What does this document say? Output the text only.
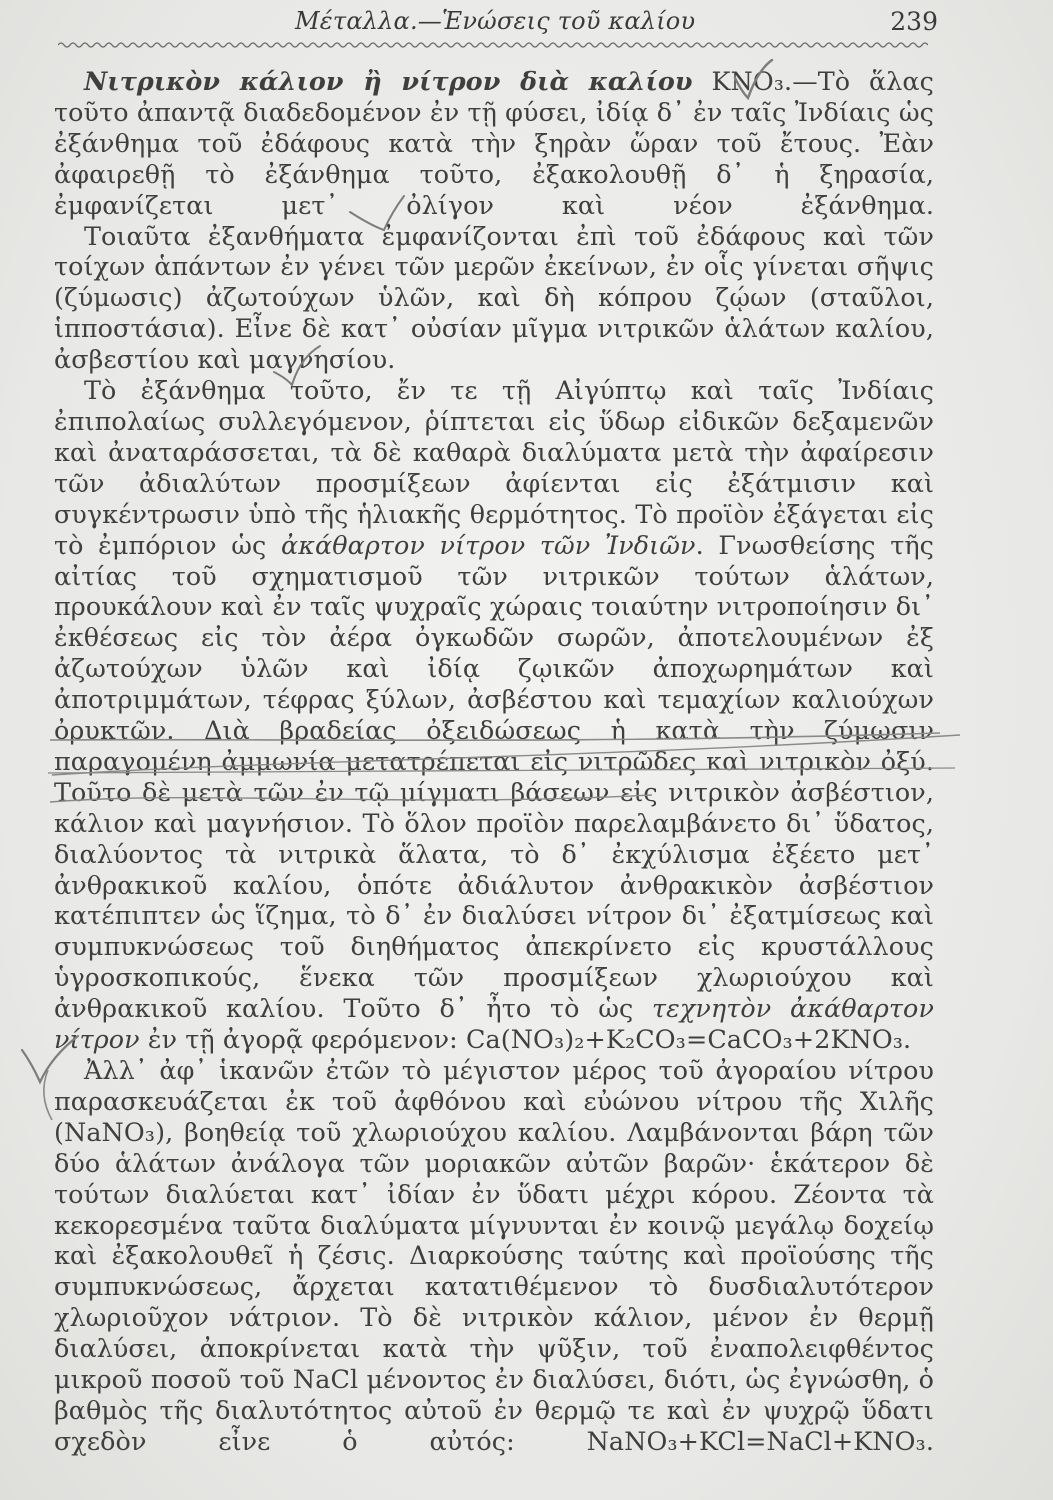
Μέταλλα.—Ἑνώσεις τοῦ καλίου	239

Νιτρικὸν κάλιον ἢ νίτρον διὰ καλίου KNO₃.—Τὸ ἅλας τοῦτο ἀπαντᾷ διαδεδομένον ἐν τῇ φύσει, ἰδίᾳ δ᾽ ἐν ταῖς Ἰνδίαις ὡς ἐξάνθημα τοῦ ἐδάφους κατὰ τὴν ξηρὰν ὥραν τοῦ ἔτους. Ἐὰν ἀφαιρεθῇ τὸ ἐξάνθημα τοῦτο, ἐξακολουθῇ δ᾽ ἡ ξηρασία, ἐμφανίζεται μετ᾽ ὀλίγον καὶ νέον ἐξάνθημα.

Τοιαῦτα ἐξανθήματα ἐμφανίζονται ἐπὶ τοῦ ἐδάφους καὶ τῶν τοίχων ἁπάντων ἐν γένει τῶν μερῶν ἐκείνων, ἐν οἷς γίνεται σῆψις (ζύμωσις) ἀζωτούχων ὑλῶν, καὶ δὴ κόπρου ζῴων (σταῦλοι, ἱπποστάσια). Εἶνε δὲ κατ᾽ οὐσίαν μῖγμα νιτρικῶν ἁλάτων καλίου, ἀσβεστίου καὶ μαγνησίου.

Τὸ ἐξάνθημα τοῦτο, ἔν τε τῇ Αἰγύπτῳ καὶ ταῖς Ἰνδίαις ἐπιπολαίως συλλεγόμενον, ῥίπτεται εἰς ὕδωρ εἰδικῶν δεξαμενῶν καὶ ἀναταράσσεται, τὰ δὲ καθαρὰ διαλύματα μετὰ τὴν ἀφαίρεσιν τῶν ἀδιαλύτων προσμίξεων ἀφίενται εἰς ἐξάτμισιν καὶ συγκέντρωσιν ὑπὸ τῆς ἡλιακῆς θερμότητος. Τὸ προϊὸν ἐξάγεται εἰς τὸ ἐμπόριον ὡς ἀκάθαρτον νίτρον τῶν Ἰνδιῶν. Γνωσθείσης τῆς αἰτίας τοῦ σχηματισμοῦ τῶν νιτρικῶν τούτων ἁλάτων, προυκάλουν καὶ ἐν ταῖς ψυχραῖς χώραις τοιαύτην νιτροποίησιν δι᾽ ἐκθέσεως εἰς τὸν ἀέρα ὀγκωδῶν σωρῶν, ἀποτελουμένων ἐξ ἀζωτούχων ὑλῶν καὶ ἰδίᾳ ζῳικῶν ἀποχωρημάτων καὶ ἀποτριμμάτων, τέφρας ξύλων, ἀσβέστου καὶ τεμαχίων καλιούχων ὀρυκτῶν. Διὰ βραδείας ὀξειδώσεως ἡ κατὰ τὴν ζύμωσιν παραγομένη ἀμμωνία μετατρέπεται εἰς νιτρῶδες καὶ νιτρικὸν ὀξύ. Τοῦτο δὲ μετὰ τῶν ἐν τῷ μίγματι βάσεων εἰς νιτρικὸν ἀσβέστιον, κάλιον καὶ μαγνήσιον. Τὸ ὅλον προϊὸν παρελαμβάνετο δι᾽ ὕδατος, διαλύοντος τὰ νιτρικὰ ἅλατα, τὸ δ᾽ ἐκχύλισμα ἐξέετο μετ᾽ ἀνθρακικοῦ καλίου, ὁπότε ἀδιάλυτον ἀνθρακικὸν ἀσβέστιον κατέπιπτεν ὡς ἵζημα, τὸ δ᾽ ἐν διαλύσει νίτρον δι᾽ ἐξατμίσεως καὶ συμπυκνώσεως τοῦ διηθήματος ἀπεκρίνετο εἰς κρυστάλλους ὑγροσκοπικούς, ἕνεκα τῶν προσμίξεων χλωριούχου καὶ ἀνθρακικοῦ καλίου. Τοῦτο δ᾽ ἦτο τὸ ὡς τεχνητὸν ἀκάθαρτον νίτρον ἐν τῇ ἀγορᾷ φερόμενον: Ca(NO₃)₂+K₂CO₃=CaCO₃+2KNO₃.

Ἀλλ᾽ ἀφ᾽ ἱκανῶν ἐτῶν τὸ μέγιστον μέρος τοῦ ἀγοραίου νίτρου παρασκευάζεται ἐκ τοῦ ἀφθόνου καὶ εὐώνου νίτρου τῆς Χιλῆς (NaNO₃), βοηθείᾳ τοῦ χλωριούχου καλίου. Λαμβάνονται βάρη τῶν δύο ἁλάτων ἀνάλογα τῶν μοριακῶν αὐτῶν βαρῶν· ἑκάτερον δὲ τούτων διαλύεται κατ᾽ ἰδίαν ἐν ὕδατι μέχρι κόρου. Ζέοντα τὰ κεκορεσμένα ταῦτα διαλύματα μίγνυνται ἐν κοινῷ μεγάλῳ δοχείῳ καὶ ἐξακολουθεῖ ἡ ζέσις. Διαρκούσης ταύτης καὶ προϊούσης τῆς συμπυκνώσεως, ἄρχεται κατατιθέμενον τὸ δυσδιαλυτότερον χλωριοῦχον νάτριον. Τὸ δὲ νιτρικὸν κάλιον, μένον ἐν θερμῇ διαλύσει, ἀποκρίνεται κατὰ τὴν ψῦξιν, τοῦ ἐναπολειφθέντος μικροῦ ποσοῦ τοῦ NaCl μένοντος ἐν διαλύσει, διότι, ὡς ἐγνώσθη, ὁ βαθμὸς τῆς διαλυτότητος αὐτοῦ ἐν θερμῷ τε καὶ ἐν ψυχρῷ ὕδατι σχεδὸν εἶνε ὁ αὐτός: NaNO₃+KCl=NaCl+KNO₃.
